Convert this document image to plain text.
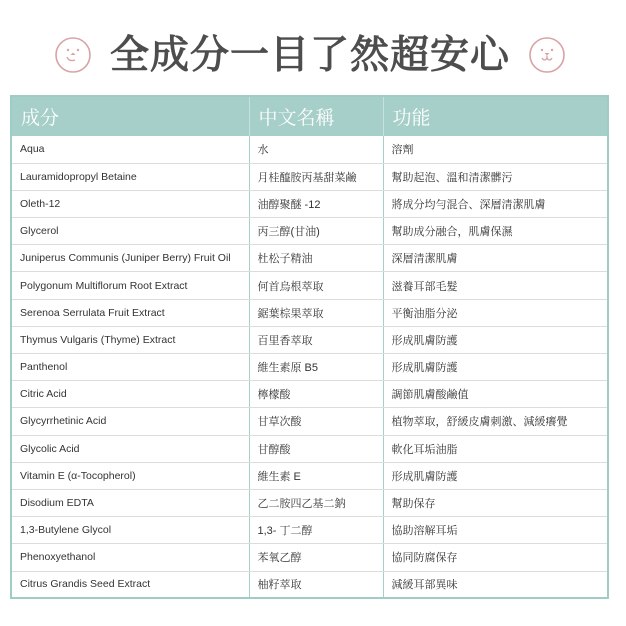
全成分一目了然超安心
成分	中文名稱	功能
Aqua	水	溶劑
Lauramidopropyl Betaine	月桂醯胺丙基甜菜鹼	幫助起泡、溫和清潔髒污
Oleth-12	油醇聚醚 -12	將成分均勻混合、深層清潔肌膚
Glycerol	丙三醇(甘油)	幫助成分融合，肌膚保濕
Juniperus Communis (Juniper Berry) Fruit Oil	杜松子精油	深層清潔肌膚
Polygonum Multiflorum Root Extract	何首烏根萃取	滋養耳部毛髮
Serenoa Serrulata Fruit Extract	鋸葉棕果萃取	平衡油脂分泌
Thymus Vulgaris (Thyme) Extract	百里香萃取	形成肌膚防護
Panthenol	維生素原 B5	形成肌膚防護
Citric Acid	檸檬酸	調節肌膚酸鹼值
Glycyrrhetinic Acid	甘草次酸	植物萃取，舒緩皮膚刺激、減緩癢覺
Glycolic Acid	甘醇酸	軟化耳垢油脂
Vitamin E (α-Tocopherol)	維生素 E	形成肌膚防護
Disodium EDTA	乙二胺四乙基二鈉	幫助保存
1,3-Butylene Glycol	1,3- 丁二醇	協助溶解耳垢
Phenoxyethanol	苯氧乙醇	協同防腐保存
Citrus Grandis Seed Extract	柚籽萃取	減緩耳部異味
